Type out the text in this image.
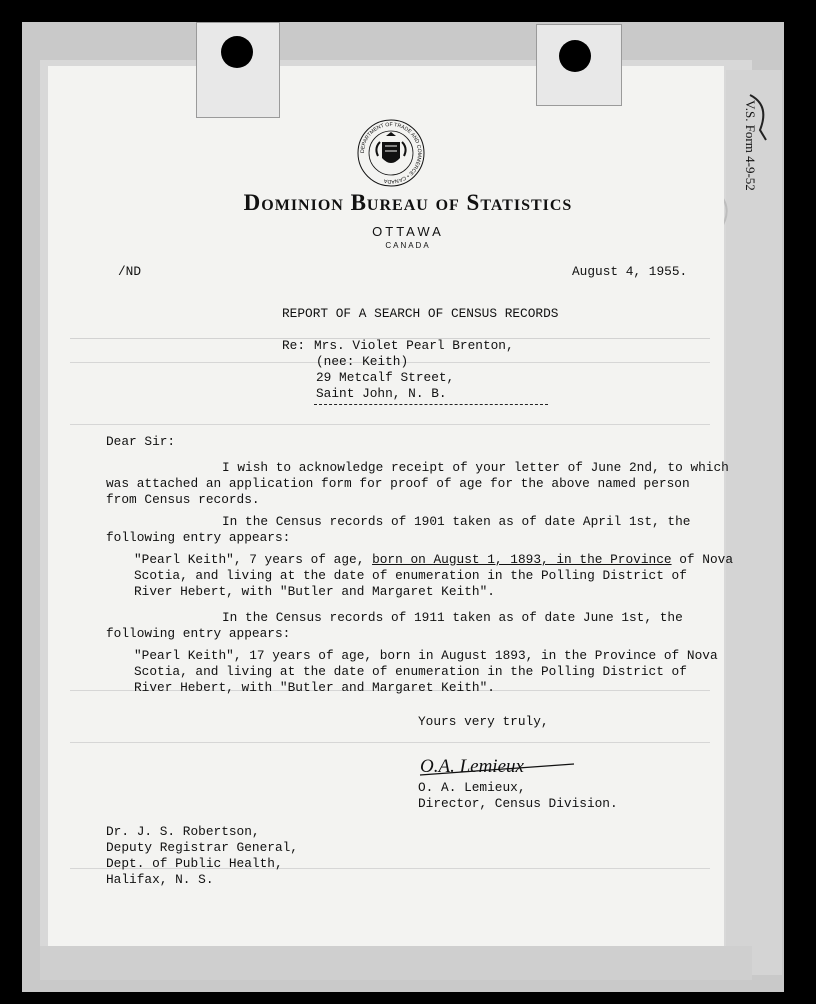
V.S. Form 4-9-52
DEPARTMENT OF TRADE AND COMMERCE • CANADA
Dominion Bureau of Statistics
OTTAWA
CANADA
/ND	August 4, 1955.
REPORT OF A SEARCH OF CENSUS RECORDS
Re: Mrs. Violet Pearl Brenton,
(nee: Keith)
29 Metcalf Street,
Saint John, N. B.
Dear Sir:
I wish to acknowledge receipt of your letter of June 2nd, to which
was attached an application form for proof of age for the above named person
from Census records.
In the Census records of 1901 taken as of date April 1st, the
following entry appears:
"Pearl Keith", 7 years of age, born on August 1, 1893, in the Province of Nova
Scotia, and living at the date of enumeration in the Polling District of
River Hebert, with "Butler and Margaret Keith".
In the Census records of 1911 taken as of date June 1st, the
following entry appears:
"Pearl Keith", 17 years of age, born in August 1893, in the Province of Nova
Scotia, and living at the date of enumeration in the Polling District of
River Hebert, with "Butler and Margaret Keith".
Yours very truly,
O.A. Lemieux
O. A. Lemieux,
Director, Census Division.
Dr. J. S. Robertson,
Deputy Registrar General,
Dept. of Public Health,
Halifax, N. S.
